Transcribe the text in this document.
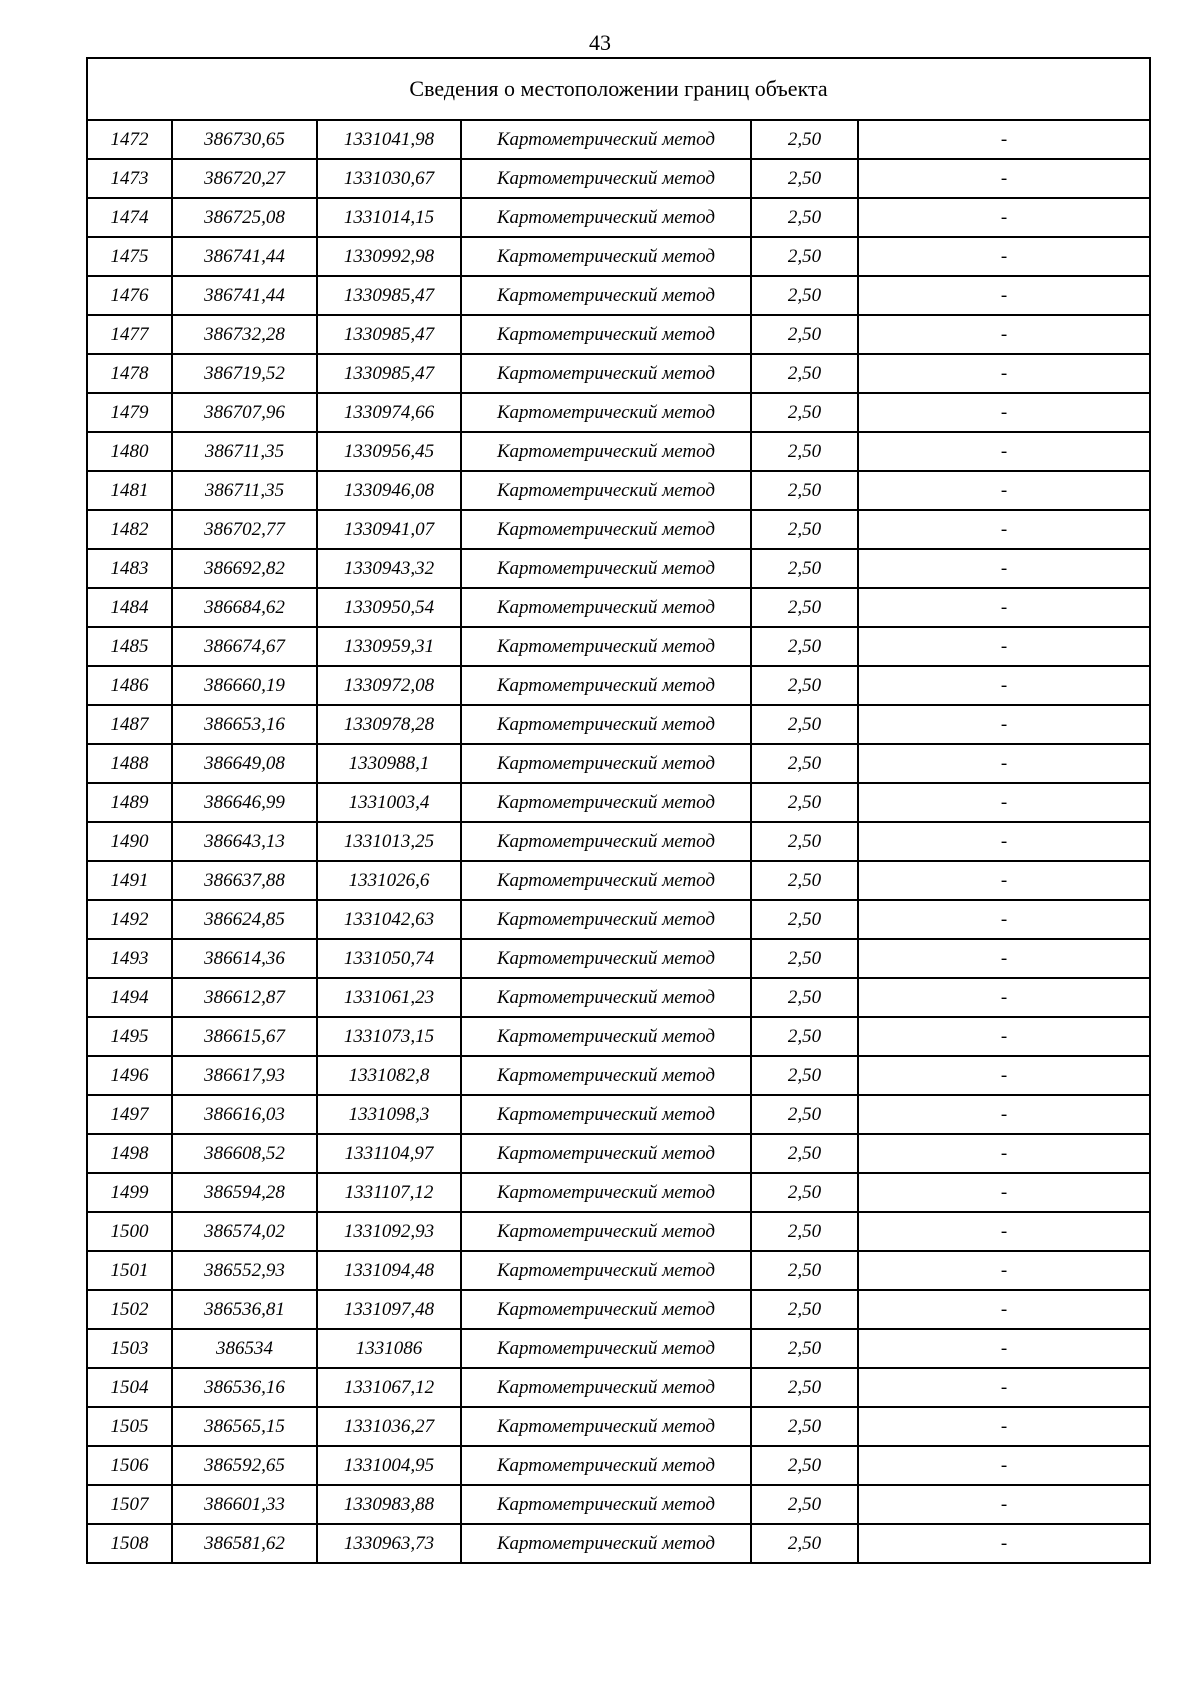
43
Сведения о местоположении границ объекта					
1472	386730,65	1331041,98	Картометрический метод	2,50	-
1473	386720,27	1331030,67	Картометрический метод	2,50	-
1474	386725,08	1331014,15	Картометрический метод	2,50	-
1475	386741,44	1330992,98	Картометрический метод	2,50	-
1476	386741,44	1330985,47	Картометрический метод	2,50	-
1477	386732,28	1330985,47	Картометрический метод	2,50	-
1478	386719,52	1330985,47	Картометрический метод	2,50	-
1479	386707,96	1330974,66	Картометрический метод	2,50	-
1480	386711,35	1330956,45	Картометрический метод	2,50	-
1481	386711,35	1330946,08	Картометрический метод	2,50	-
1482	386702,77	1330941,07	Картометрический метод	2,50	-
1483	386692,82	1330943,32	Картометрический метод	2,50	-
1484	386684,62	1330950,54	Картометрический метод	2,50	-
1485	386674,67	1330959,31	Картометрический метод	2,50	-
1486	386660,19	1330972,08	Картометрический метод	2,50	-
1487	386653,16	1330978,28	Картометрический метод	2,50	-
1488	386649,08	1330988,1	Картометрический метод	2,50	-
1489	386646,99	1331003,4	Картометрический метод	2,50	-
1490	386643,13	1331013,25	Картометрический метод	2,50	-
1491	386637,88	1331026,6	Картометрический метод	2,50	-
1492	386624,85	1331042,63	Картометрический метод	2,50	-
1493	386614,36	1331050,74	Картометрический метод	2,50	-
1494	386612,87	1331061,23	Картометрический метод	2,50	-
1495	386615,67	1331073,15	Картометрический метод	2,50	-
1496	386617,93	1331082,8	Картометрический метод	2,50	-
1497	386616,03	1331098,3	Картометрический метод	2,50	-
1498	386608,52	1331104,97	Картометрический метод	2,50	-
1499	386594,28	1331107,12	Картометрический метод	2,50	-
1500	386574,02	1331092,93	Картометрический метод	2,50	-
1501	386552,93	1331094,48	Картометрический метод	2,50	-
1502	386536,81	1331097,48	Картометрический метод	2,50	-
1503	386534	1331086	Картометрический метод	2,50	-
1504	386536,16	1331067,12	Картометрический метод	2,50	-
1505	386565,15	1331036,27	Картометрический метод	2,50	-
1506	386592,65	1331004,95	Картометрический метод	2,50	-
1507	386601,33	1330983,88	Картометрический метод	2,50	-
1508	386581,62	1330963,73	Картометрический метод	2,50	-
